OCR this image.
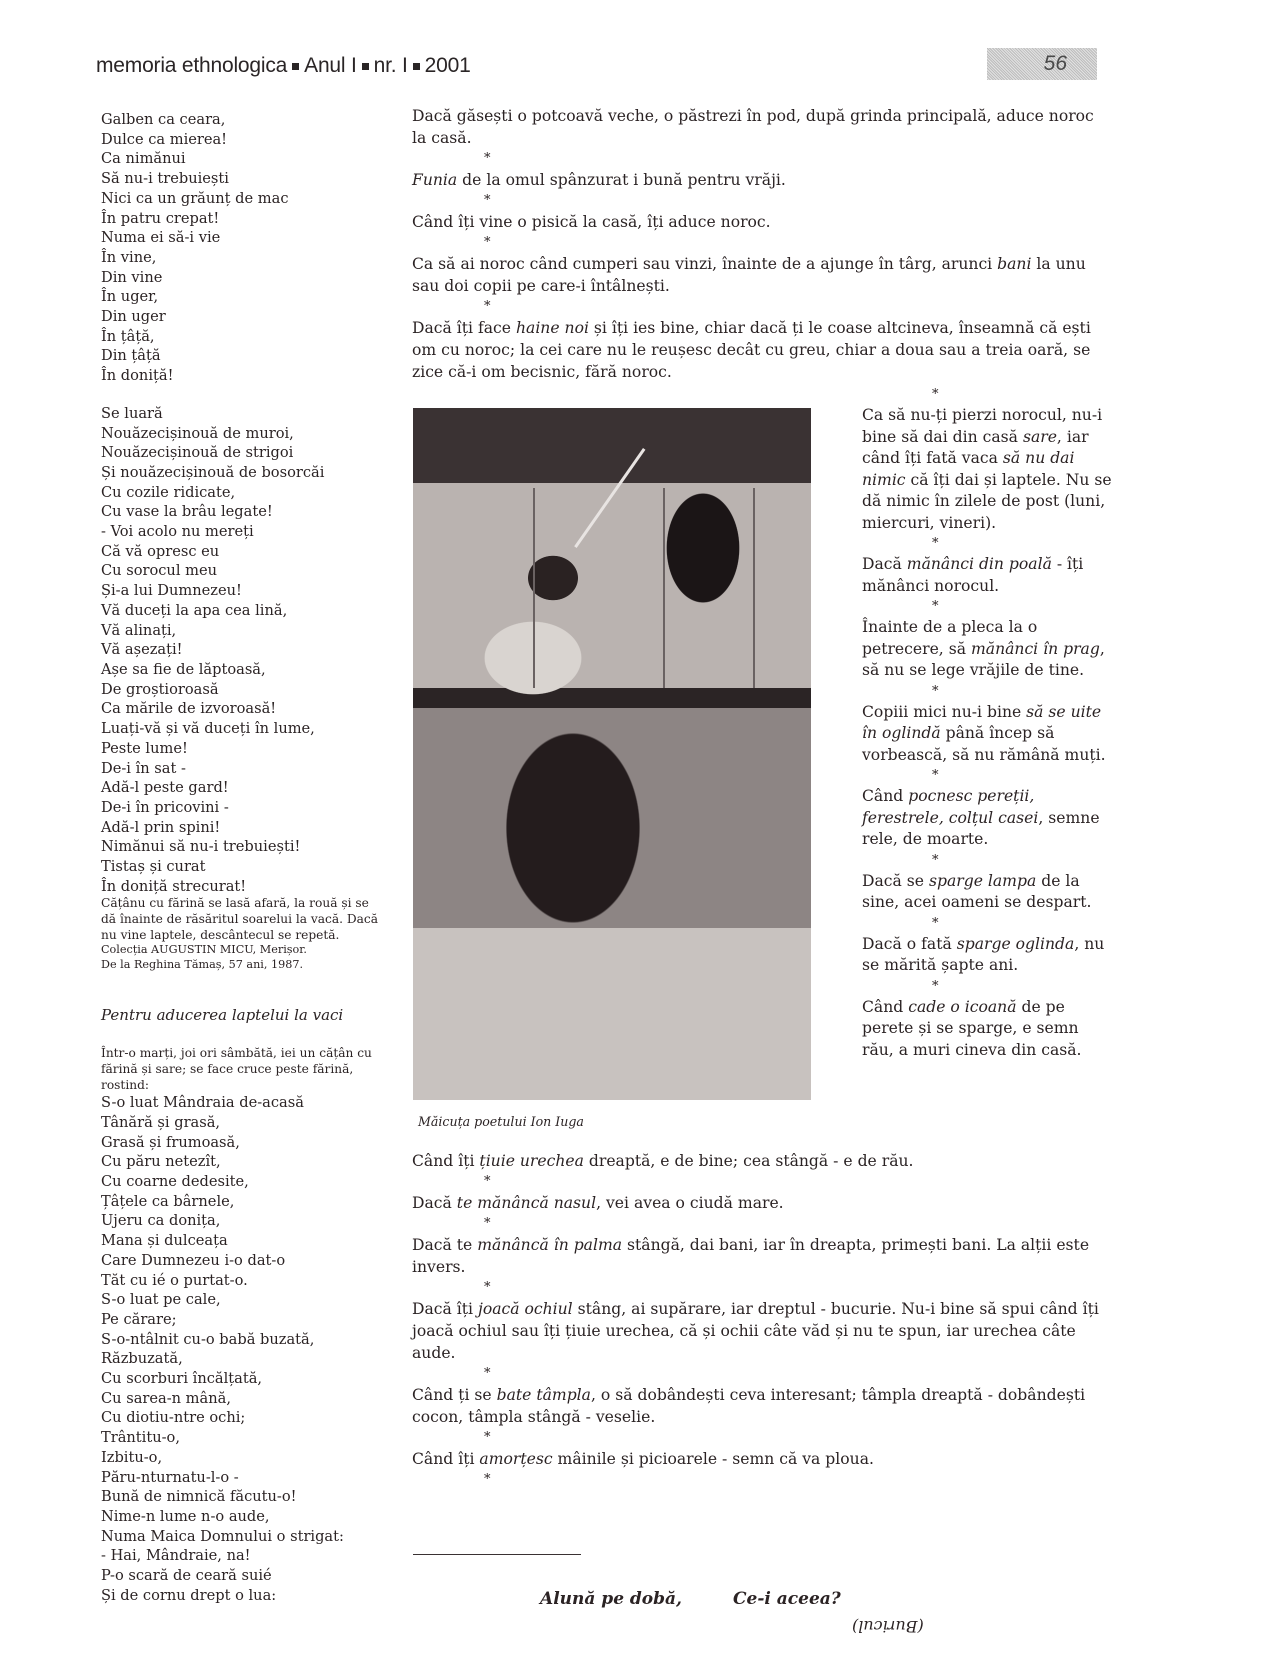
memoria ethnologica Anul I nr. I 2001	56
Galben ca ceara,
Dulce ca mierea!
Ca nimănui
Să nu-i trebuiești
Nici ca un grăunț de mac
În patru crepat!
Numa ei să-i vie
În vine,
Din vine
În uger,
Din uger
În țâță,
Din țâță
În doniță!
Se luară
Nouăzecișinouă de muroi,
Nouăzecișinouă de strigoi
Și nouăzecișinouă de bosorcăi
Cu cozile ridicate,
Cu vase la brâu legate!
- Voi acolo nu mereți
Că vă opresc eu
Cu sorocul meu
Și-a lui Dumnezeu!
Vă duceți la apa cea lină,
Vă alinați,
Vă așezați!
Așe sa fie de lăptoasă,
De groștioroasă
Ca mările de izvoroasă!
Luați-vă și vă duceți în lume,
Peste lume!
De-i în sat -
Adă-l peste gard!
De-i în pricovini -
Adă-l prin spini!
Nimănui să nu-i trebuiești!
Tistaș și curat
În doniță strecurat!
Cățânu cu fărină se lasă afară, la rouă și se dă înainte de răsăritul soarelui la vacă. Dacă nu vine laptele, descântecul se repetă.
Colecția AUGUSTIN MICU, Merișor.
De la Reghina Tămaș, 57 ani, 1987.
Pentru aducerea laptelui la vaci
Într-o marți, joi ori sâmbătă, iei un cățân cu fărină și sare; se face cruce peste fărină, rostind:
S-o luat Mândraia de-acasă
Tânără și grasă,
Grasă și frumoasă,
Cu păru netezît,
Cu coarne dedesite,
Țâțele ca bârnele,
Ujeru ca donița,
Mana și dulceața
Care Dumnezeu i-o dat-o
Tăt cu ié o purtat-o.
S-o luat pe cale,
Pe cărare;
S-o-ntâlnit cu-o babă buzată,
Răzbuzată,
Cu scorburi încălțată,
Cu sarea-n mână,
Cu diotiu-ntre ochi;
Trântitu-o,
Izbitu-o,
Păru-nturnatu-l-o -
Bună de nimnică făcutu-o!
Nime-n lume n-o aude,
Numa Maica Domnului o strigat:
- Hai, Mândraie, na!
P-o scară de ceară suié
Și de cornu drept o lua:
Dacă găsești o potcoavă veche, o păstrezi în pod, după grinda principală, aduce noroc la casă.
*
Funia de la omul spânzurat i bună pentru vrăji.
*
Când îți vine o pisică la casă, îți aduce noroc.
*
Ca să ai noroc când cumperi sau vinzi, înainte de a ajunge în târg, arunci bani la unu sau doi copii pe care-i întâlnești.
*
Dacă îți face haine noi și îți ies bine, chiar dacă ți le coase altcineva, înseamnă că ești om cu noroc; la cei care nu le reușesc decât cu greu, chiar a doua sau a treia oară, se zice că-i om becisnic, fără noroc.
Măicuța poetului Ion Iuga
*
Ca să nu-ți pierzi norocul, nu-i bine să dai din casă sare, iar când îți fată vaca să nu dai nimic că îți dai și laptele. Nu se dă nimic în zilele de post (luni, miercuri, vineri).
*
Dacă mănânci din poală - îți mănânci norocul.
*
Înainte de a pleca la o petrecere, să mănânci în prag, să nu se lege vrăjile de tine.
*
Copiii mici nu-i bine să se uite în oglindă până încep să vorbească, să nu rămână muți.
*
Când pocnesc pereții, ferestrele, colțul casei, semne rele, de moarte.
*
Dacă se sparge lampa de la sine, acei oameni se despart.
*
Dacă o fată sparge oglinda, nu se mărită șapte ani.
*
Când cade o icoană de pe perete și se sparge, e semn rău, a muri cineva din casă.
Când îți țiuie urechea dreaptă, e de bine; cea stângă - e de rău.
*
Dacă te mănâncă nasul, vei avea o ciudă mare.
*
Dacă te mănâncă în palma stângă, dai bani, iar în dreapta, primești bani. La alții este invers.
*
Dacă îți joacă ochiul stâng, ai supărare, iar dreptul - bucurie. Nu-i bine să spui când îți joacă ochiul sau îți țiuie urechea, că și ochii câte văd și nu te spun, iar urechea câte aude.
*
Când ți se bate tâmpla, o să dobândești ceva interesant; tâmpla dreaptă - dobândești cocon, tâmpla stângă - veselie.
*
Când îți amorțesc mâinile și picioarele - semn că va ploua.
*
Alună pe dobă,	Ce-i aceea?
(Buricul)
